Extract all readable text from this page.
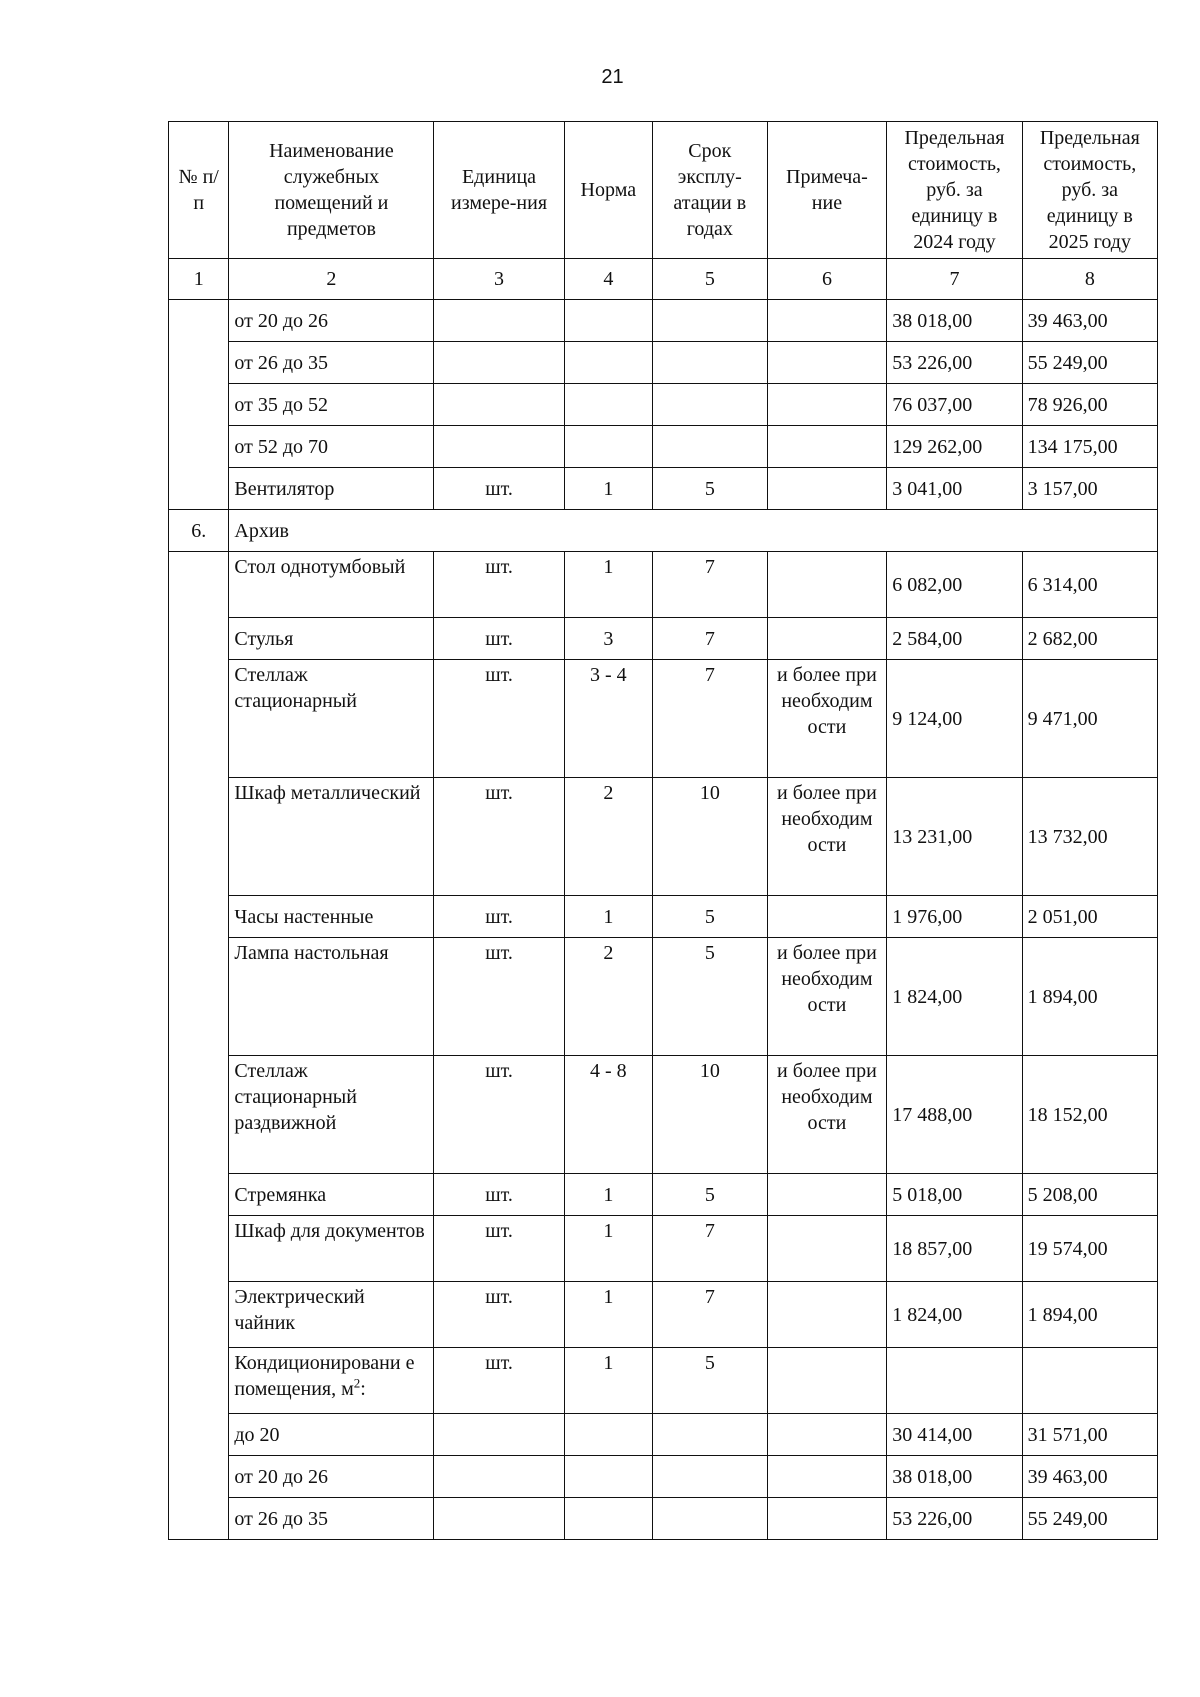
21
№ п/п	Наименование служебных помещений и предметов	Единица измере-ния	Норма	Срок эксплу-атации в годах	Примеча-ние	Предельная стоимость, руб. за единицу в 2024 году	Предельная стоимость, руб. за единицу в 2025 году
1	2	3	4	5	6	7	8
	от 20 до 26					38 018,00	39 463,00
	от 26 до 35					53 226,00	55 249,00
	от 35 до 52					76 037,00	78 926,00
	от 52 до 70					129 262,00	134 175,00
	Вентилятор	шт.	1	5		3 041,00	3 157,00
6.	Архив						
	Стол однотумбовый	шт.	1	7		6 082,00	6 314,00
	Стулья	шт.	3	7		2 584,00	2 682,00
	Стеллаж стационарный	шт.	3 - 4	7	и более при необходим ости	9 124,00	9 471,00
	Шкаф металлический	шт.	2	10	и более при необходим ости	13 231,00	13 732,00
	Часы настенные	шт.	1	5		1 976,00	2 051,00
	Лампа настольная	шт.	2	5	и более при необходим ости	1 824,00	1 894,00
	Стеллаж стационарный раздвижной	шт.	4 - 8	10	и более при необходим ости	17 488,00	18 152,00
	Стремянка	шт.	1	5		5 018,00	5 208,00
	Шкаф для документов	шт.	1	7		18 857,00	19 574,00
	Электрический чайник	шт.	1	7		1 824,00	1 894,00
	Кондиционировани е помещения, $м^2$:	шт.	1	5			
	до 20					30 414,00	31 571,00
	от 20 до 26					38 018,00	39 463,00
	от 26 до 35					53 226,00	55 249,00
